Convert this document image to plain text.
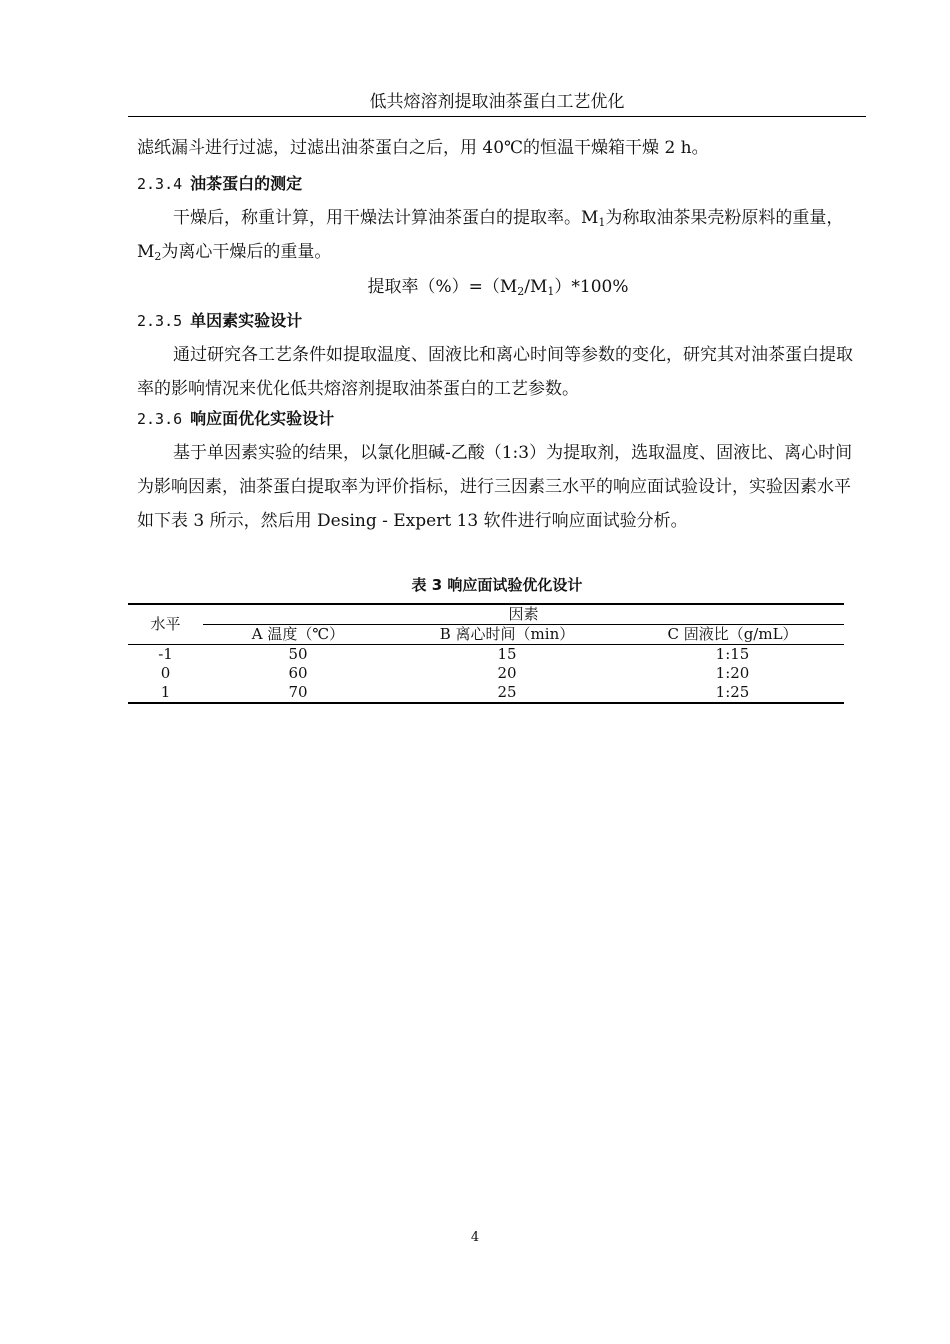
低共熔溶剂提取油茶蛋白工艺优化

滤纸漏斗进行过滤，过滤出油茶蛋白之后，用 40℃的恒温干燥箱干燥 2 h。

2.3.4 油茶蛋白的测定

干燥后，称重计算，用干燥法计算油茶蛋白的提取率。$M_1$为称取油茶果壳粉原料的重量，$M_2$为离心干燥后的重量。

提取率$(\%)=(M_2/M_1)*100\%$
2.3.5 单因素实验设计

通过研究各工艺条件如提取温度、固液比和离心时间等参数的变化，研究其对油茶蛋白提取率的影响情况来优化低共熔溶剂提取油茶蛋白的工艺参数。

2.3.6 响应面优化实验设计

基于单因素实验的结果，以氯化胆碱-乙酸（1:3）为提取剂，选取温度、固液比、离心时间为影响因素，油茶蛋白提取率为评价指标，进行三因素三水平的响应面试验设计，实验因素水平如下表 3 所示，然后用 Desing - Expert 13 软件进行响应面试验分析。

表 3 响应面试验优化设计
水平	因素		
	A 温度（℃）	B 离心时间（min）	C 固液比（g/mL）
-1	50	15	1:15
0	60	20	1:20
1	70	25	1:25
4
